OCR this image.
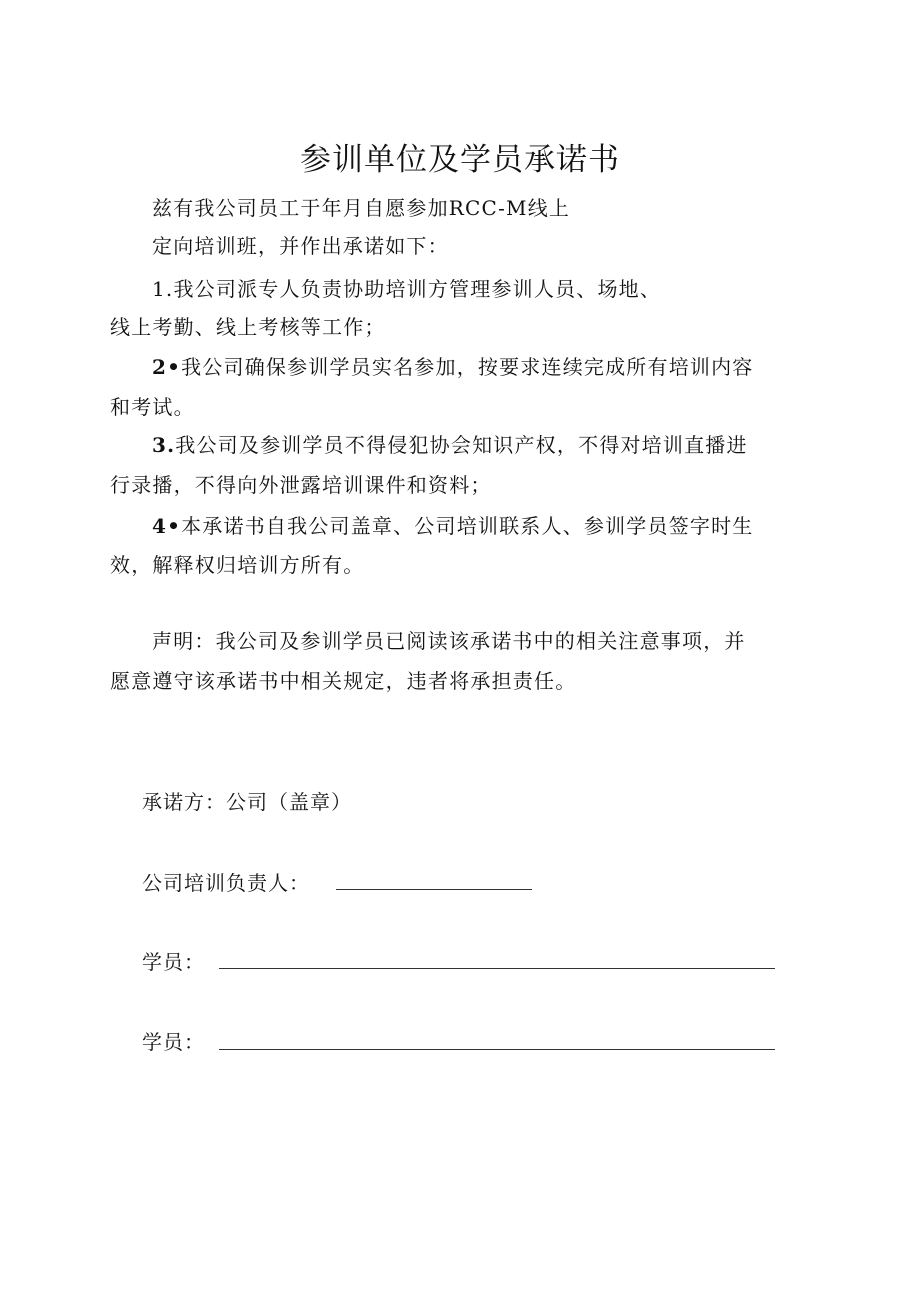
参训单位及学员承诺书
兹有我公司员工于年月自愿参加RCC-M线上
定向培训班，并作出承诺如下：
1.我公司派专人负责协助培训方管理参训人员、场地、
线上考勤、线上考核等工作；
2•我公司确保参训学员实名参加，按要求连续完成所有培训内容
和考试。
3.我公司及参训学员不得侵犯协会知识产权，不得对培训直播进
行录播，不得向外泄露培训课件和资料；
4•本承诺书自我公司盖章、公司培训联系人、参训学员签字时生
效，解释权归培训方所有。
声明：我公司及参训学员已阅读该承诺书中的相关注意事项，并
愿意遵守该承诺书中相关规定，违者将承担责任。
承诺方：公司（盖章）
公司培训负责人：
学员：
学员：
